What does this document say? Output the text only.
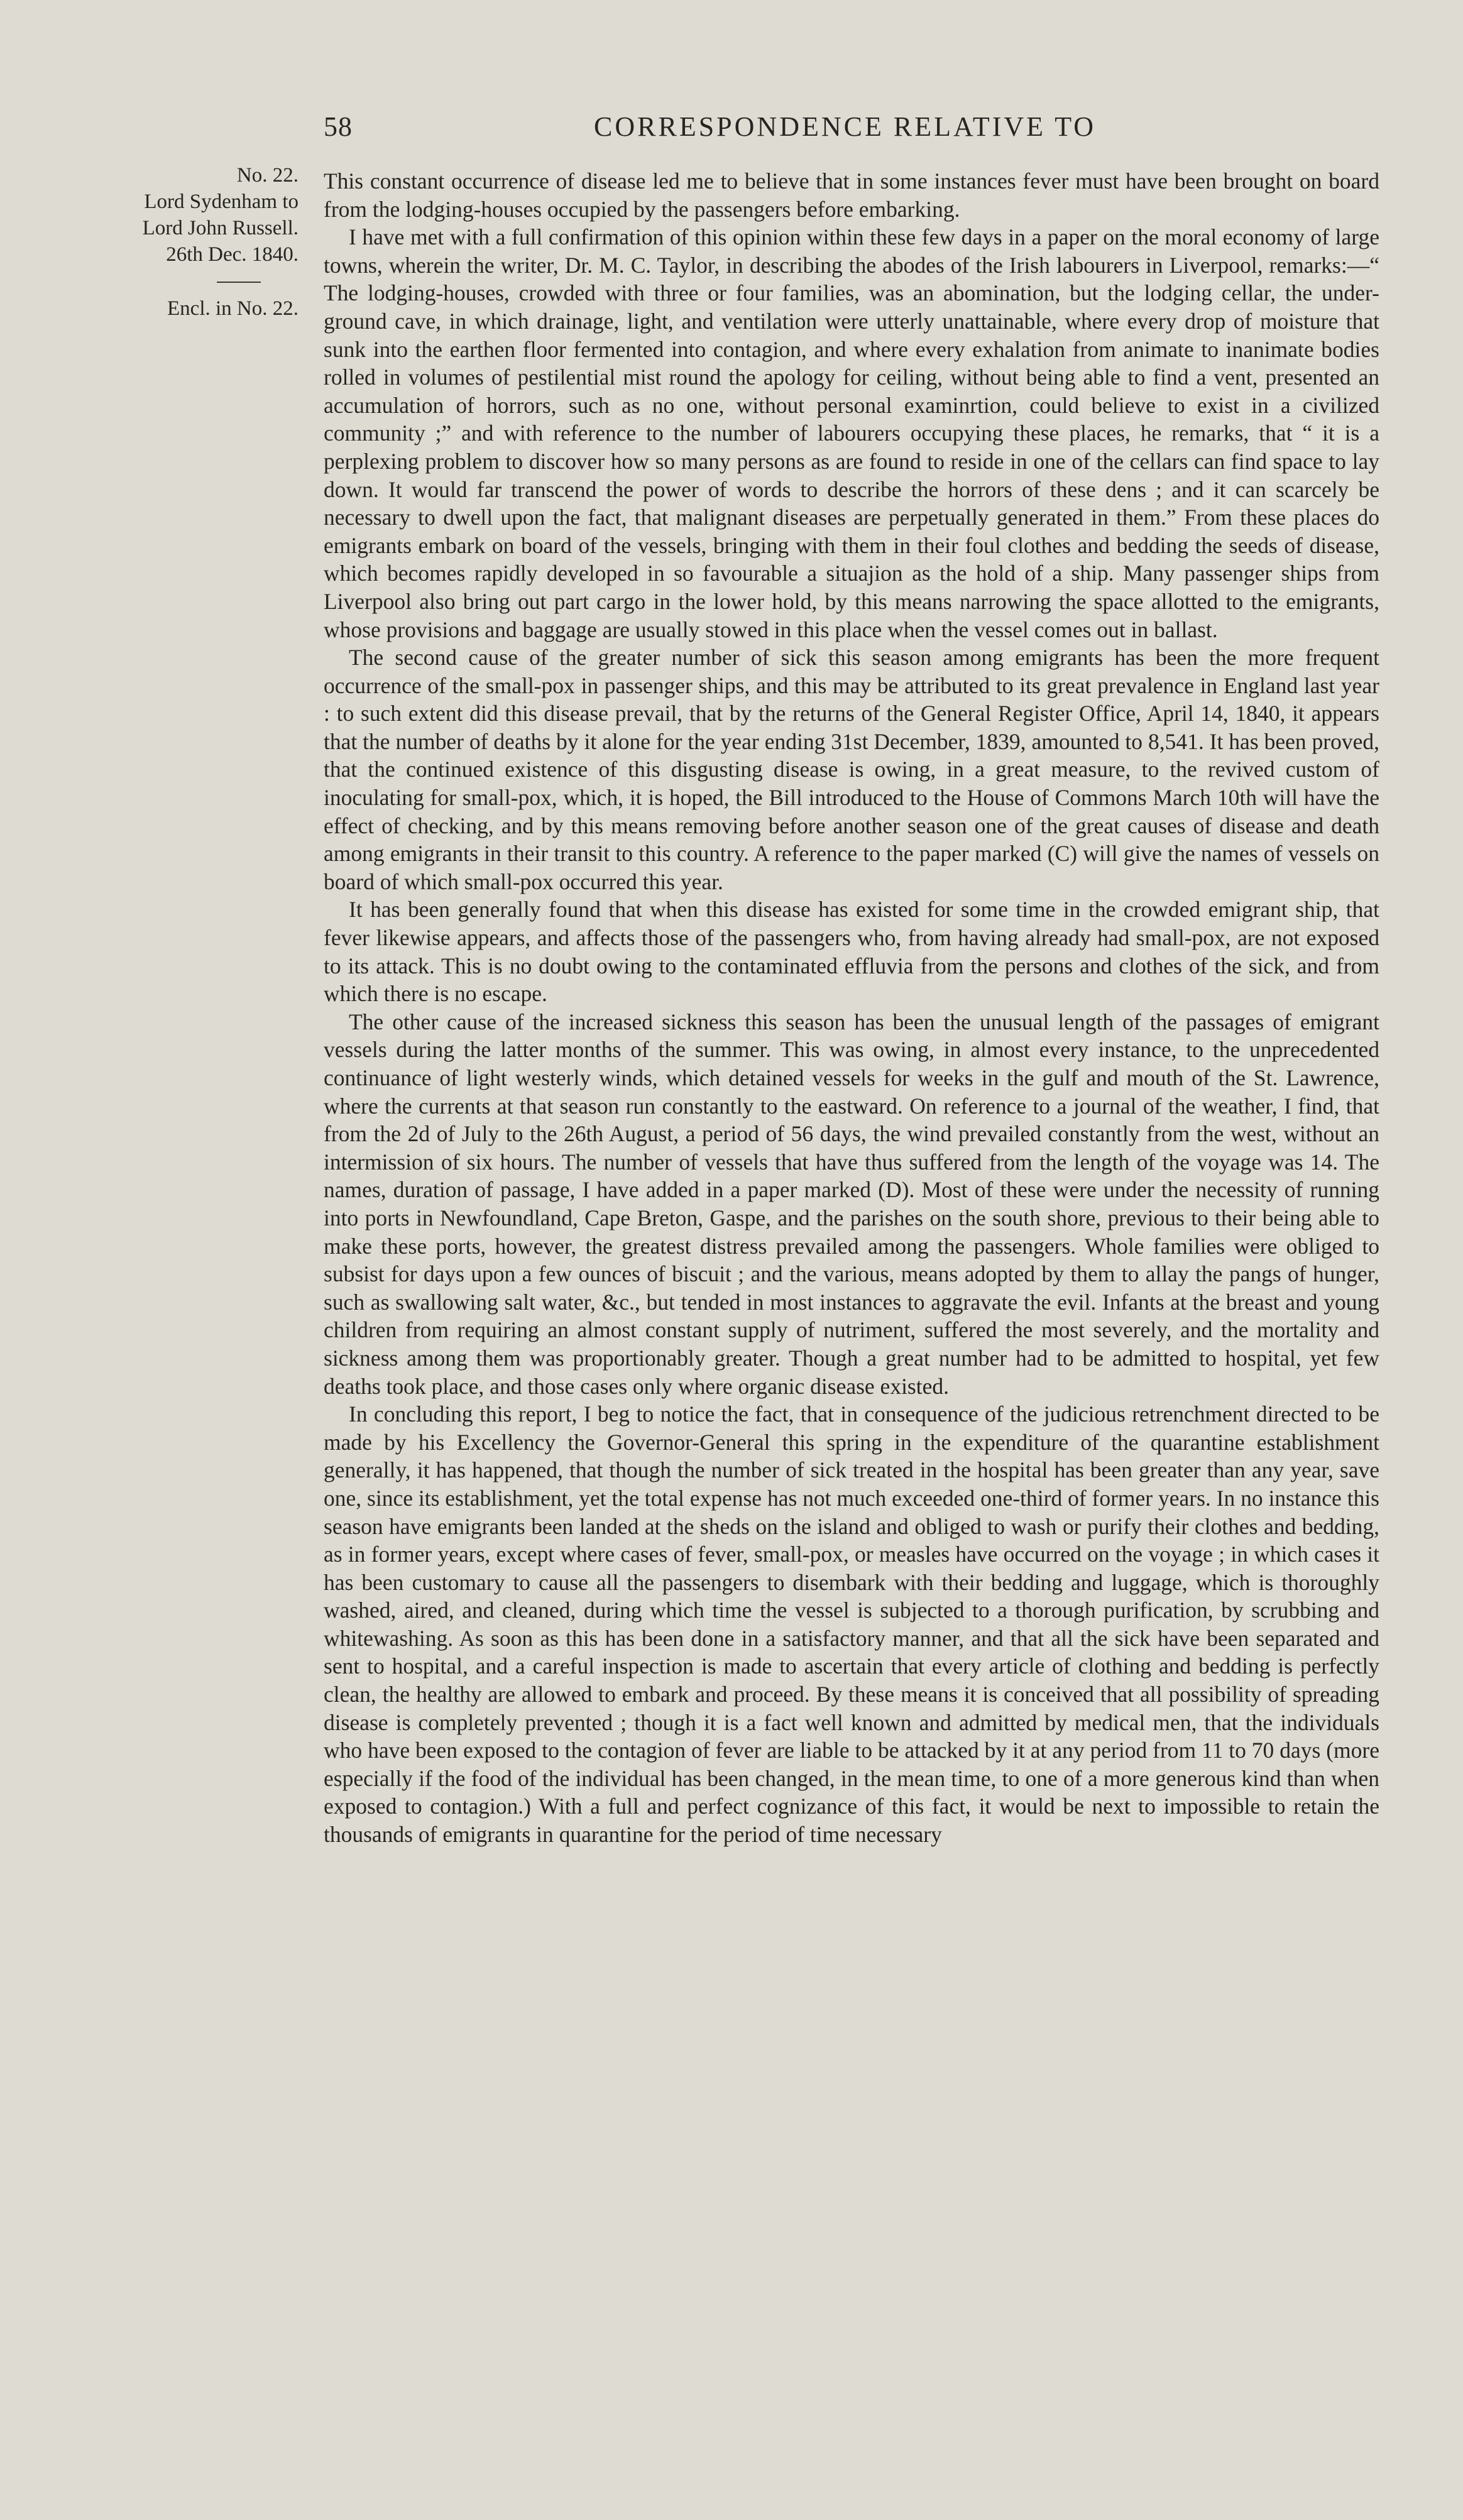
58	CORRESPONDENCE RELATIVE TO
No. 22.
Lord Sydenham to
Lord John Russell.
26th Dec. 1840.
Encl. in No. 22.

This constant occurrence of disease led me to believe that in some instances fever must have been brought on board from the lodging-houses occupied by the passengers before embarking.

I have met with a full confirmation of this opinion within these few days in a paper on the moral economy of large towns, wherein the writer, Dr. M. C. Taylor, in describing the abodes of the Irish labourers in Liverpool, remarks:—“ The lodging-houses, crowded with three or four families, was an abomination, but the lodging cellar, the under-ground cave, in which drainage, light, and ventilation were utterly unattainable, where every drop of moisture that sunk into the earthen floor fermented into contagion, and where every exhalation from animate to inanimate bodies rolled in volumes of pestilential mist round the apology for ceiling, without being able to find a vent, presented an accumulation of horrors, such as no one, without personal examinrtion, could believe to exist in a civilized community ;” and with reference to the number of labourers occupying these places, he remarks, that “ it is a perplexing problem to discover how so many persons as are found to reside in one of the cellars can find space to lay down. It would far transcend the power of words to describe the horrors of these dens ; and it can scarcely be necessary to dwell upon the fact, that malignant diseases are perpetually generated in them.” From these places do emigrants embark on board of the vessels, bringing with them in their foul clothes and bedding the seeds of disease, which becomes rapidly developed in so favourable a situajion as the hold of a ship. Many passenger ships from Liverpool also bring out part cargo in the lower hold, by this means narrowing the space allotted to the emigrants, whose provisions and baggage are usually stowed in this place when the vessel comes out in ballast.

The second cause of the greater number of sick this season among emigrants has been the more frequent occurrence of the small-pox in passenger ships, and this may be attributed to its great prevalence in England last year : to such extent did this disease prevail, that by the returns of the General Register Office, April 14, 1840, it appears that the number of deaths by it alone for the year ending 31st December, 1839, amounted to 8,541. It has been proved, that the continued existence of this disgusting disease is owing, in a great measure, to the revived custom of inoculating for small-pox, which, it is hoped, the Bill introduced to the House of Commons March 10th will have the effect of checking, and by this means removing before another season one of the great causes of disease and death among emigrants in their transit to this country. A reference to the paper marked (C) will give the names of vessels on board of which small-pox occurred this year.

It has been generally found that when this disease has existed for some time in the crowded emigrant ship, that fever likewise appears, and affects those of the passengers who, from having already had small-pox, are not exposed to its attack. This is no doubt owing to the contaminated effluvia from the persons and clothes of the sick, and from which there is no escape.

The other cause of the increased sickness this season has been the unusual length of the passages of emigrant vessels during the latter months of the summer. This was owing, in almost every instance, to the unprecedented continuance of light westerly winds, which detained vessels for weeks in the gulf and mouth of the St. Lawrence, where the currents at that season run constantly to the eastward. On reference to a journal of the weather, I find, that from the 2d of July to the 26th August, a period of 56 days, the wind prevailed constantly from the west, without an intermission of six hours. The number of vessels that have thus suffered from the length of the voyage was 14. The names, duration of passage, I have added in a paper marked (D). Most of these were under the necessity of running into ports in Newfoundland, Cape Breton, Gaspe, and the parishes on the south shore, previous to their being able to make these ports, however, the greatest distress prevailed among the passengers. Whole families were obliged to subsist for days upon a few ounces of biscuit ; and the various, means adopted by them to allay the pangs of hunger, such as swallowing salt water, &c., but tended in most instances to aggravate the evil. Infants at the breast and young children from requiring an almost constant supply of nutriment, suffered the most severely, and the mortality and sickness among them was proportionably greater. Though a great number had to be admitted to hospital, yet few deaths took place, and those cases only where organic disease existed.

In concluding this report, I beg to notice the fact, that in consequence of the judicious retrenchment directed to be made by his Excellency the Governor-General this spring in the expenditure of the quarantine establishment generally, it has happened, that though the number of sick treated in the hospital has been greater than any year, save one, since its establishment, yet the total expense has not much exceeded one-third of former years. In no instance this season have emigrants been landed at the sheds on the island and obliged to wash or purify their clothes and bedding, as in former years, except where cases of fever, small-pox, or measles have occurred on the voyage ; in which cases it has been customary to cause all the passengers to disembark with their bedding and luggage, which is thoroughly washed, aired, and cleaned, during which time the vessel is subjected to a thorough purification, by scrubbing and whitewashing. As soon as this has been done in a satisfactory manner, and that all the sick have been separated and sent to hospital, and a careful inspection is made to ascertain that every article of clothing and bedding is perfectly clean, the healthy are allowed to embark and proceed. By these means it is conceived that all possibility of spreading disease is completely prevented ; though it is a fact well known and admitted by medical men, that the individuals who have been exposed to the contagion of fever are liable to be attacked by it at any period from 11 to 70 days (more especially if the food of the individual has been changed, in the mean time, to one of a more generous kind than when exposed to contagion.) With a full and perfect cognizance of this fact, it would be next to impossible to retain the thousands of emigrants in quarantine for the period of time necessary
